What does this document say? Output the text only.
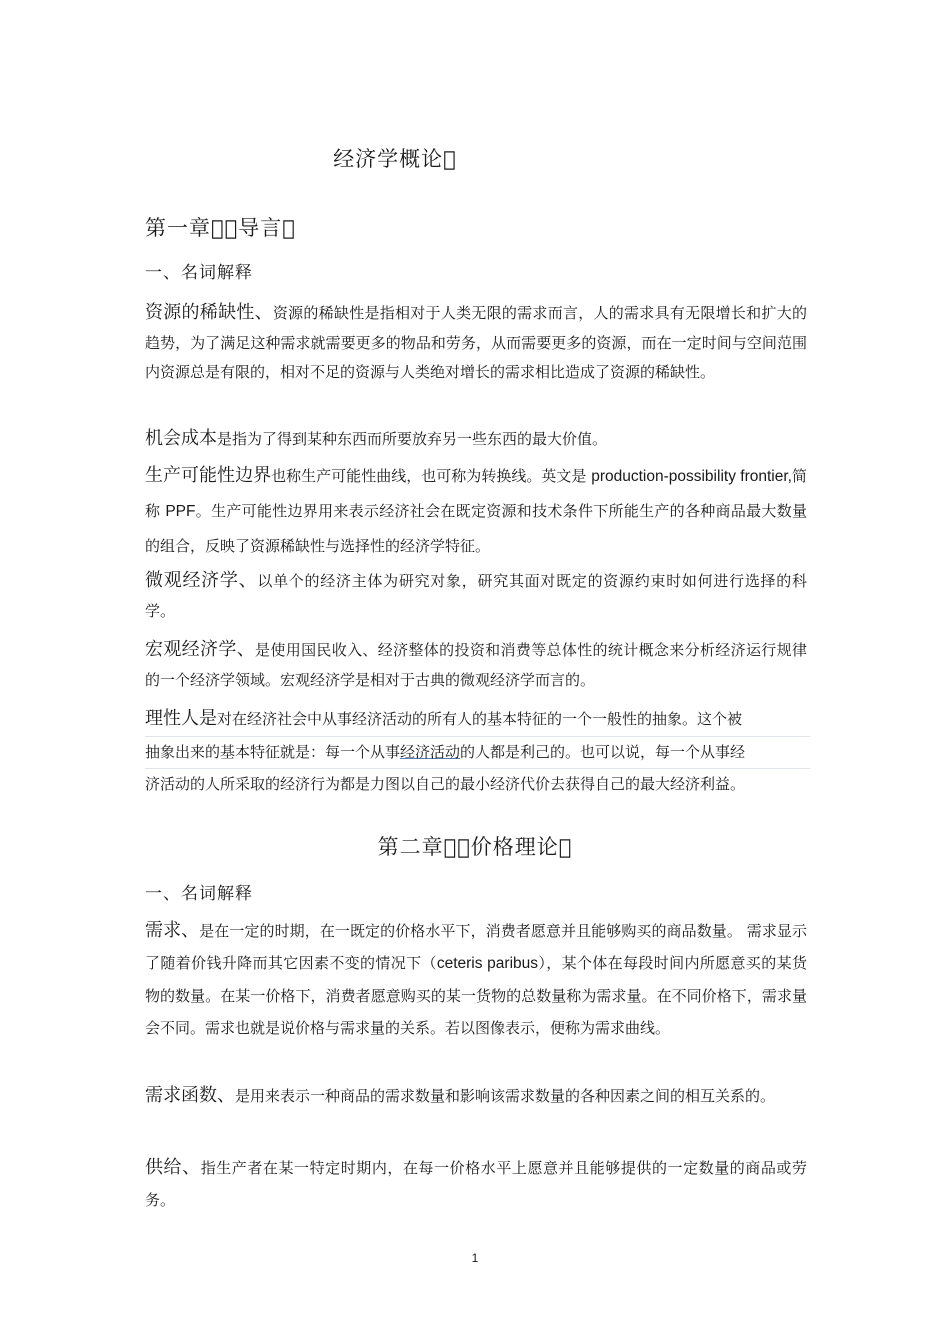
经济学概论 
第一章  导言 
一、名词解释
资源的稀缺性、资源的稀缺性是指相对于人类无限的需求而言，人的需求具有无限增长和扩大的趋势，为了满足这种需求就需要更多的物品和劳务，从而需要更多的资源，而在一定时间与空间范围内资源总是有限的，相对不足的资源与人类绝对增长的需求相比造成了资源的稀缺性。
机会成本是指为了得到某种东西而所要放弃另一些东西的最大价值。
生产可能性边界也称生产可能性曲线，也可称为转换线。英文是 production-possibility frontier,简称 PPF。生产可能性边界用来表示经济社会在既定资源和技术条件下所能生产的各种商品最大数量的组合，反映了资源稀缺性与选择性的经济学特征。
微观经济学、以单个的经济主体为研究对象，研究其面对既定的资源约束时如何进行选择的科学。
宏观经济学、是使用国民收入、经济整体的投资和消费等总体性的统计概念来分析经济运行规律的一个经济学领域。宏观经济学是相对于古典的微观经济学而言的。
理性人是对在经济社会中从事经济活动的所有人的基本特征的一个一般性的抽象。这个被
抽象出来的基本特征就是：每一个从事经济活动的人都是利己的。也可以说，每一个从事经
济活动的人所采取的经济行为都是力图以自己的最小经济代价去获得自己的最大经济利益。
第二章  价格理论 
一、名词解释
需求、是在一定的时期，在一既定的价格水平下，消费者愿意并且能够购买的商品数量。 需求显示了随着价钱升降而其它因素不变的情况下（ceteris paribus），某个体在每段时间内所愿意买的某货物的数量。在某一价格下，消费者愿意购买的某一货物的总数量称为需求量。在不同价格下，需求量会不同。需求也就是说价格与需求量的关系。若以图像表示，便称为需求曲线。
需求函数、是用来表示一种商品的需求数量和影响该需求数量的各种因素之间的相互关系的。
供给、指生产者在某一特定时期内，在每一价格水平上愿意并且能够提供的一定数量的商品或劳务。
1
